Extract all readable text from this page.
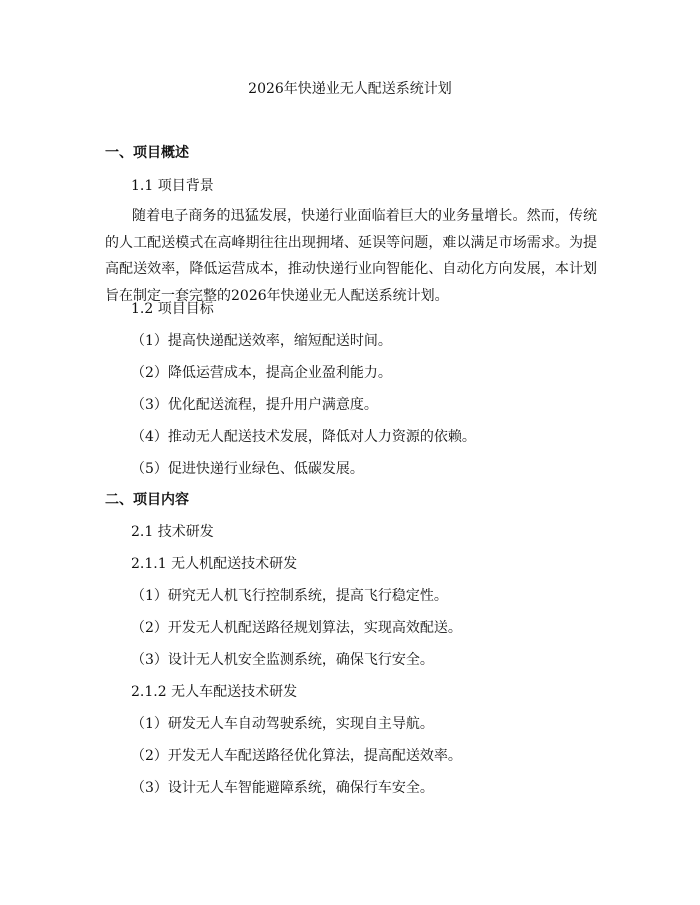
2026年快递业无人配送系统计划
一、项目概述
1.1 项目背景
随着电子商务的迅猛发展，快递行业面临着巨大的业务量增长。然而，传统的人工配送模式在高峰期往往出现拥堵、延误等问题，难以满足市场需求。为提高配送效率，降低运营成本，推动快递行业向智能化、自动化方向发展，本计划旨在制定一套完整的2026年快递业无人配送系统计划。
1.2 项目目标
（1）提高快递配送效率，缩短配送时间。
（2）降低运营成本，提高企业盈利能力。
（3）优化配送流程，提升用户满意度。
（4）推动无人配送技术发展，降低对人力资源的依赖。
（5）促进快递行业绿色、低碳发展。
二、项目内容
2.1 技术研发
2.1.1 无人机配送技术研发
（1）研究无人机飞行控制系统，提高飞行稳定性。
（2）开发无人机配送路径规划算法，实现高效配送。
（3）设计无人机安全监测系统，确保飞行安全。
2.1.2 无人车配送技术研发
（1）研发无人车自动驾驶系统，实现自主导航。
（2）开发无人车配送路径优化算法，提高配送效率。
（3）设计无人车智能避障系统，确保行车安全。
